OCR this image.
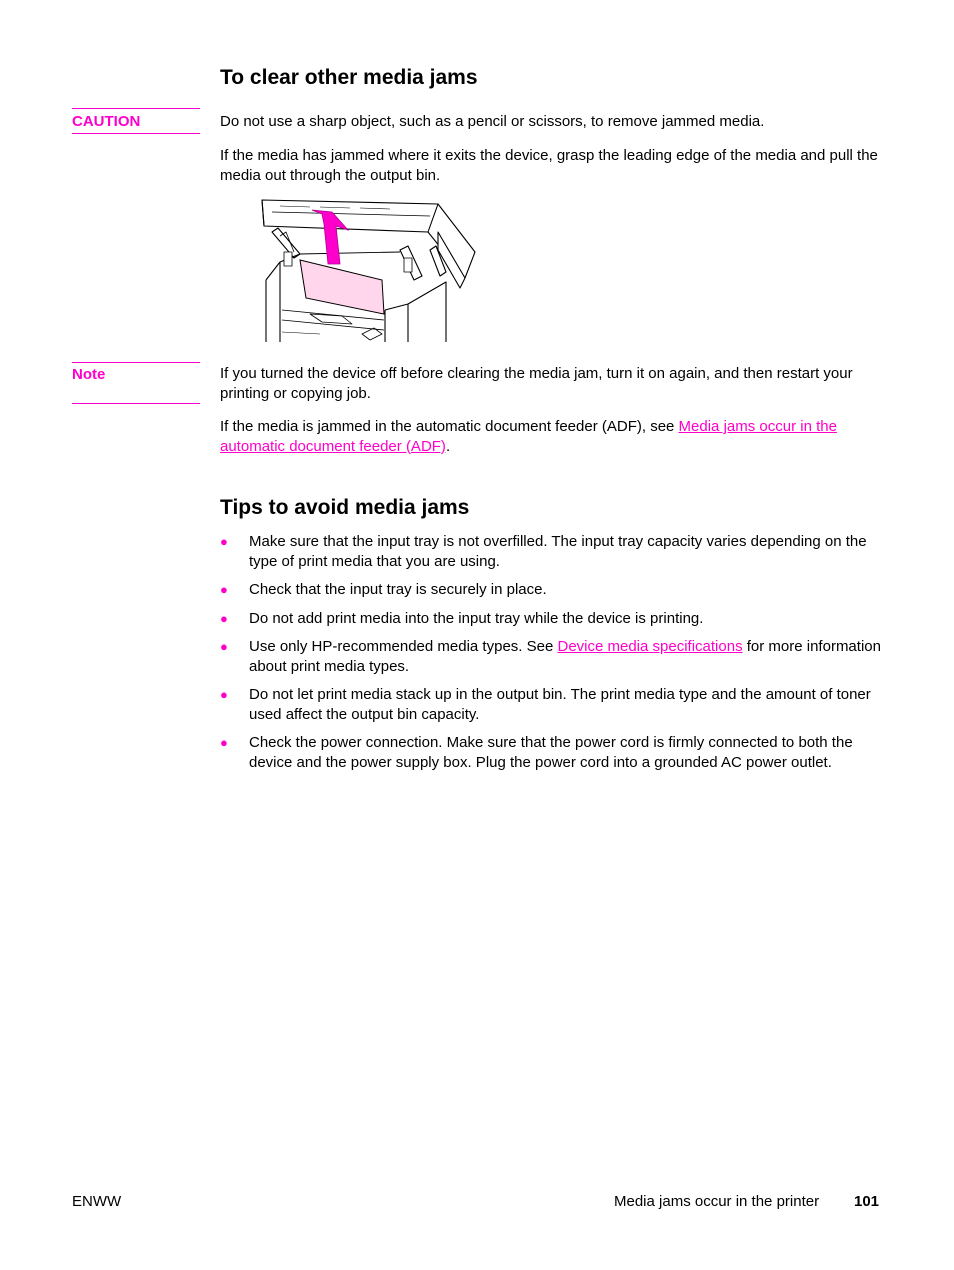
To clear other media jams
CAUTION	Do not use a sharp object, such as a pencil or scissors, to remove jammed media.

If the media has jammed where it exits the device, grasp the leading edge of the media and pull the media out through the output bin.

Note	If you turned the device off before clearing the media jam, turn it on again, and then restart your printing or copying job.

If the media is jammed in the automatic document feeder (ADF), see Media jams occur in the automatic document feeder (ADF).

Tips to avoid media jams
● Make sure that the input tray is not overfilled. The input tray capacity varies depending on the type of print media that you are using.
● Check that the input tray is securely in place.
● Do not add print media into the input tray while the device is printing.
● Use only HP-recommended media types. See Device media specifications for more information about print media types.
● Do not let print media stack up in the output bin. The print media type and the amount of toner used affect the output bin capacity.
● Check the power connection. Make sure that the power cord is firmly connected to both the device and the power supply box. Plug the power cord into a grounded AC power outlet.
ENWW	Media jams occur in the printer 101
